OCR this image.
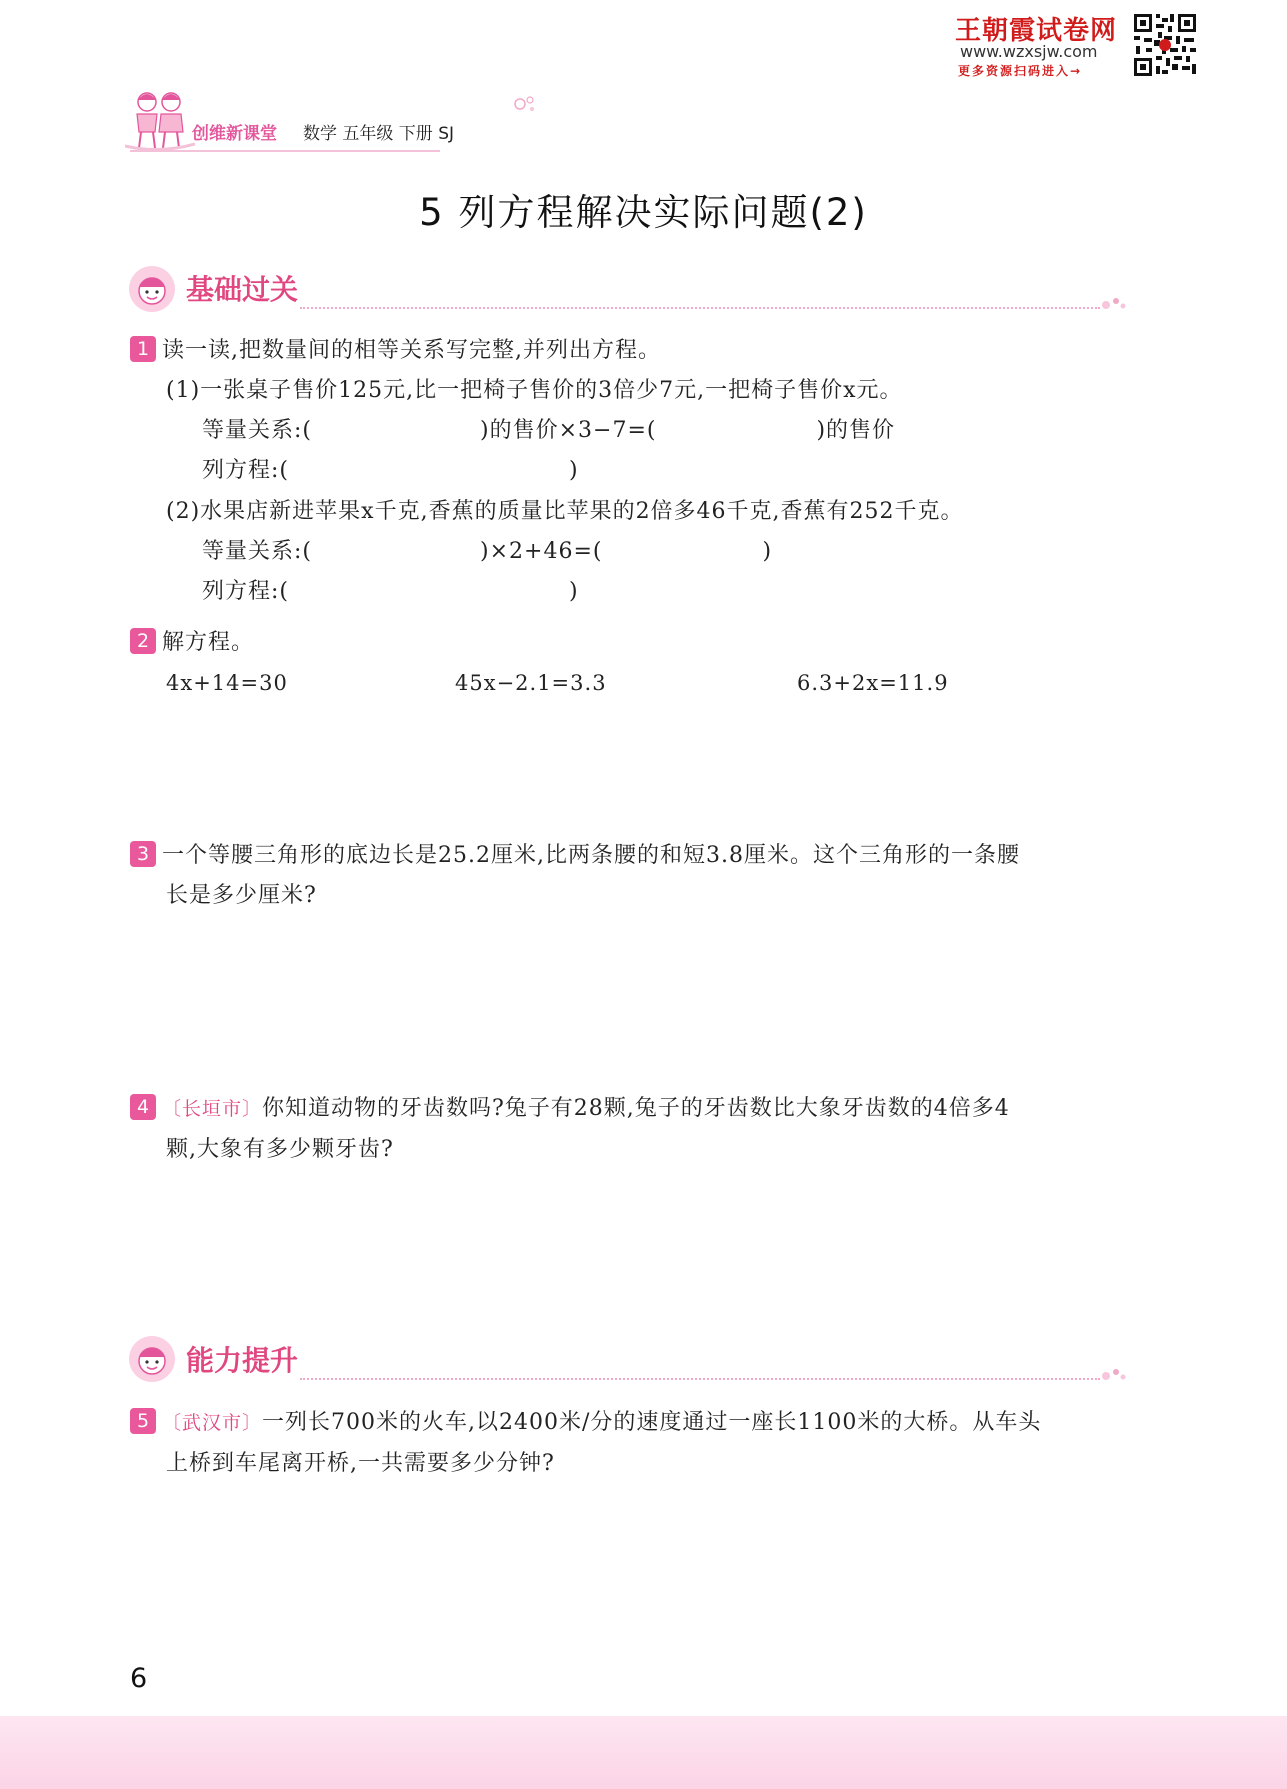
王朝霞试卷网
www.wzxsjw.com
更多资源扫码进入→
创维新课堂 数学 五年级 下册 SJ
5 列方程解决实际问题(2)
基础过关
1 读一读,把数量间的相等关系写完整,并列出方程。
(1)一张桌子售价125元,比一把椅子售价的3倍少7元,一把椅子售价x元。
等量关系:(	)的售价×3−7=(	)的售价
列方程:(	)
(2)水果店新进苹果x千克,香蕉的质量比苹果的2倍多46千克,香蕉有252千克。
等量关系:(	)×2+46=(	)
列方程:(	)
2 解方程。
4x+14=30	45x−2.1=3.3	6.3+2x=11.9
3 一个等腰三角形的底边长是25.2厘米,比两条腰的和短3.8厘米。这个三角形的一条腰
长是多少厘米?
4 〔长垣市〕你知道动物的牙齿数吗?兔子有28颗,兔子的牙齿数比大象牙齿数的4倍多4
颗,大象有多少颗牙齿?
能力提升
5 〔武汉市〕一列长700米的火车,以2400米/分的速度通过一座长1100米的大桥。从车头
上桥到车尾离开桥,一共需要多少分钟?
6
